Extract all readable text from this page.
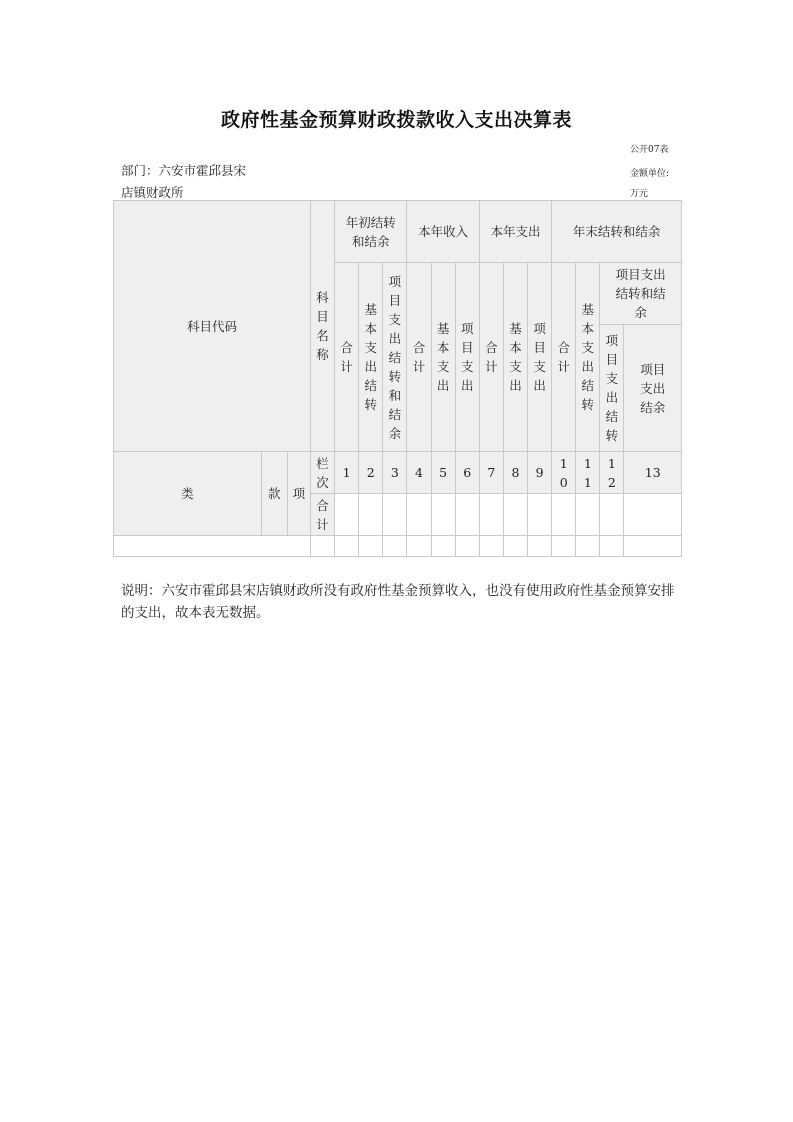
政府性基金预算财政拨款收入支出决算表
公开07表
部门：六安市霍邱县宋
店镇财政所
金额单位:
万元
科目代码			科目名称	年初结转和结余			本年收入			本年支出			年末结转和结余			
				合计	基本支出结转	项目支出结转和结余	合计	基本支出	项目支出	合计	基本支出	项目支出	合计	基本支出结转	项目支出结转和结余	

															项目支出结转	项目支出结余

类	款	项	栏次	1	2	3	4	5	6	7	8	9	10	11	12	13
			合计													

说明：六安市霍邱县宋店镇财政所没有政府性基金预算收入，也没有使用政府性基金预算安排的支出，故本表无数据。
